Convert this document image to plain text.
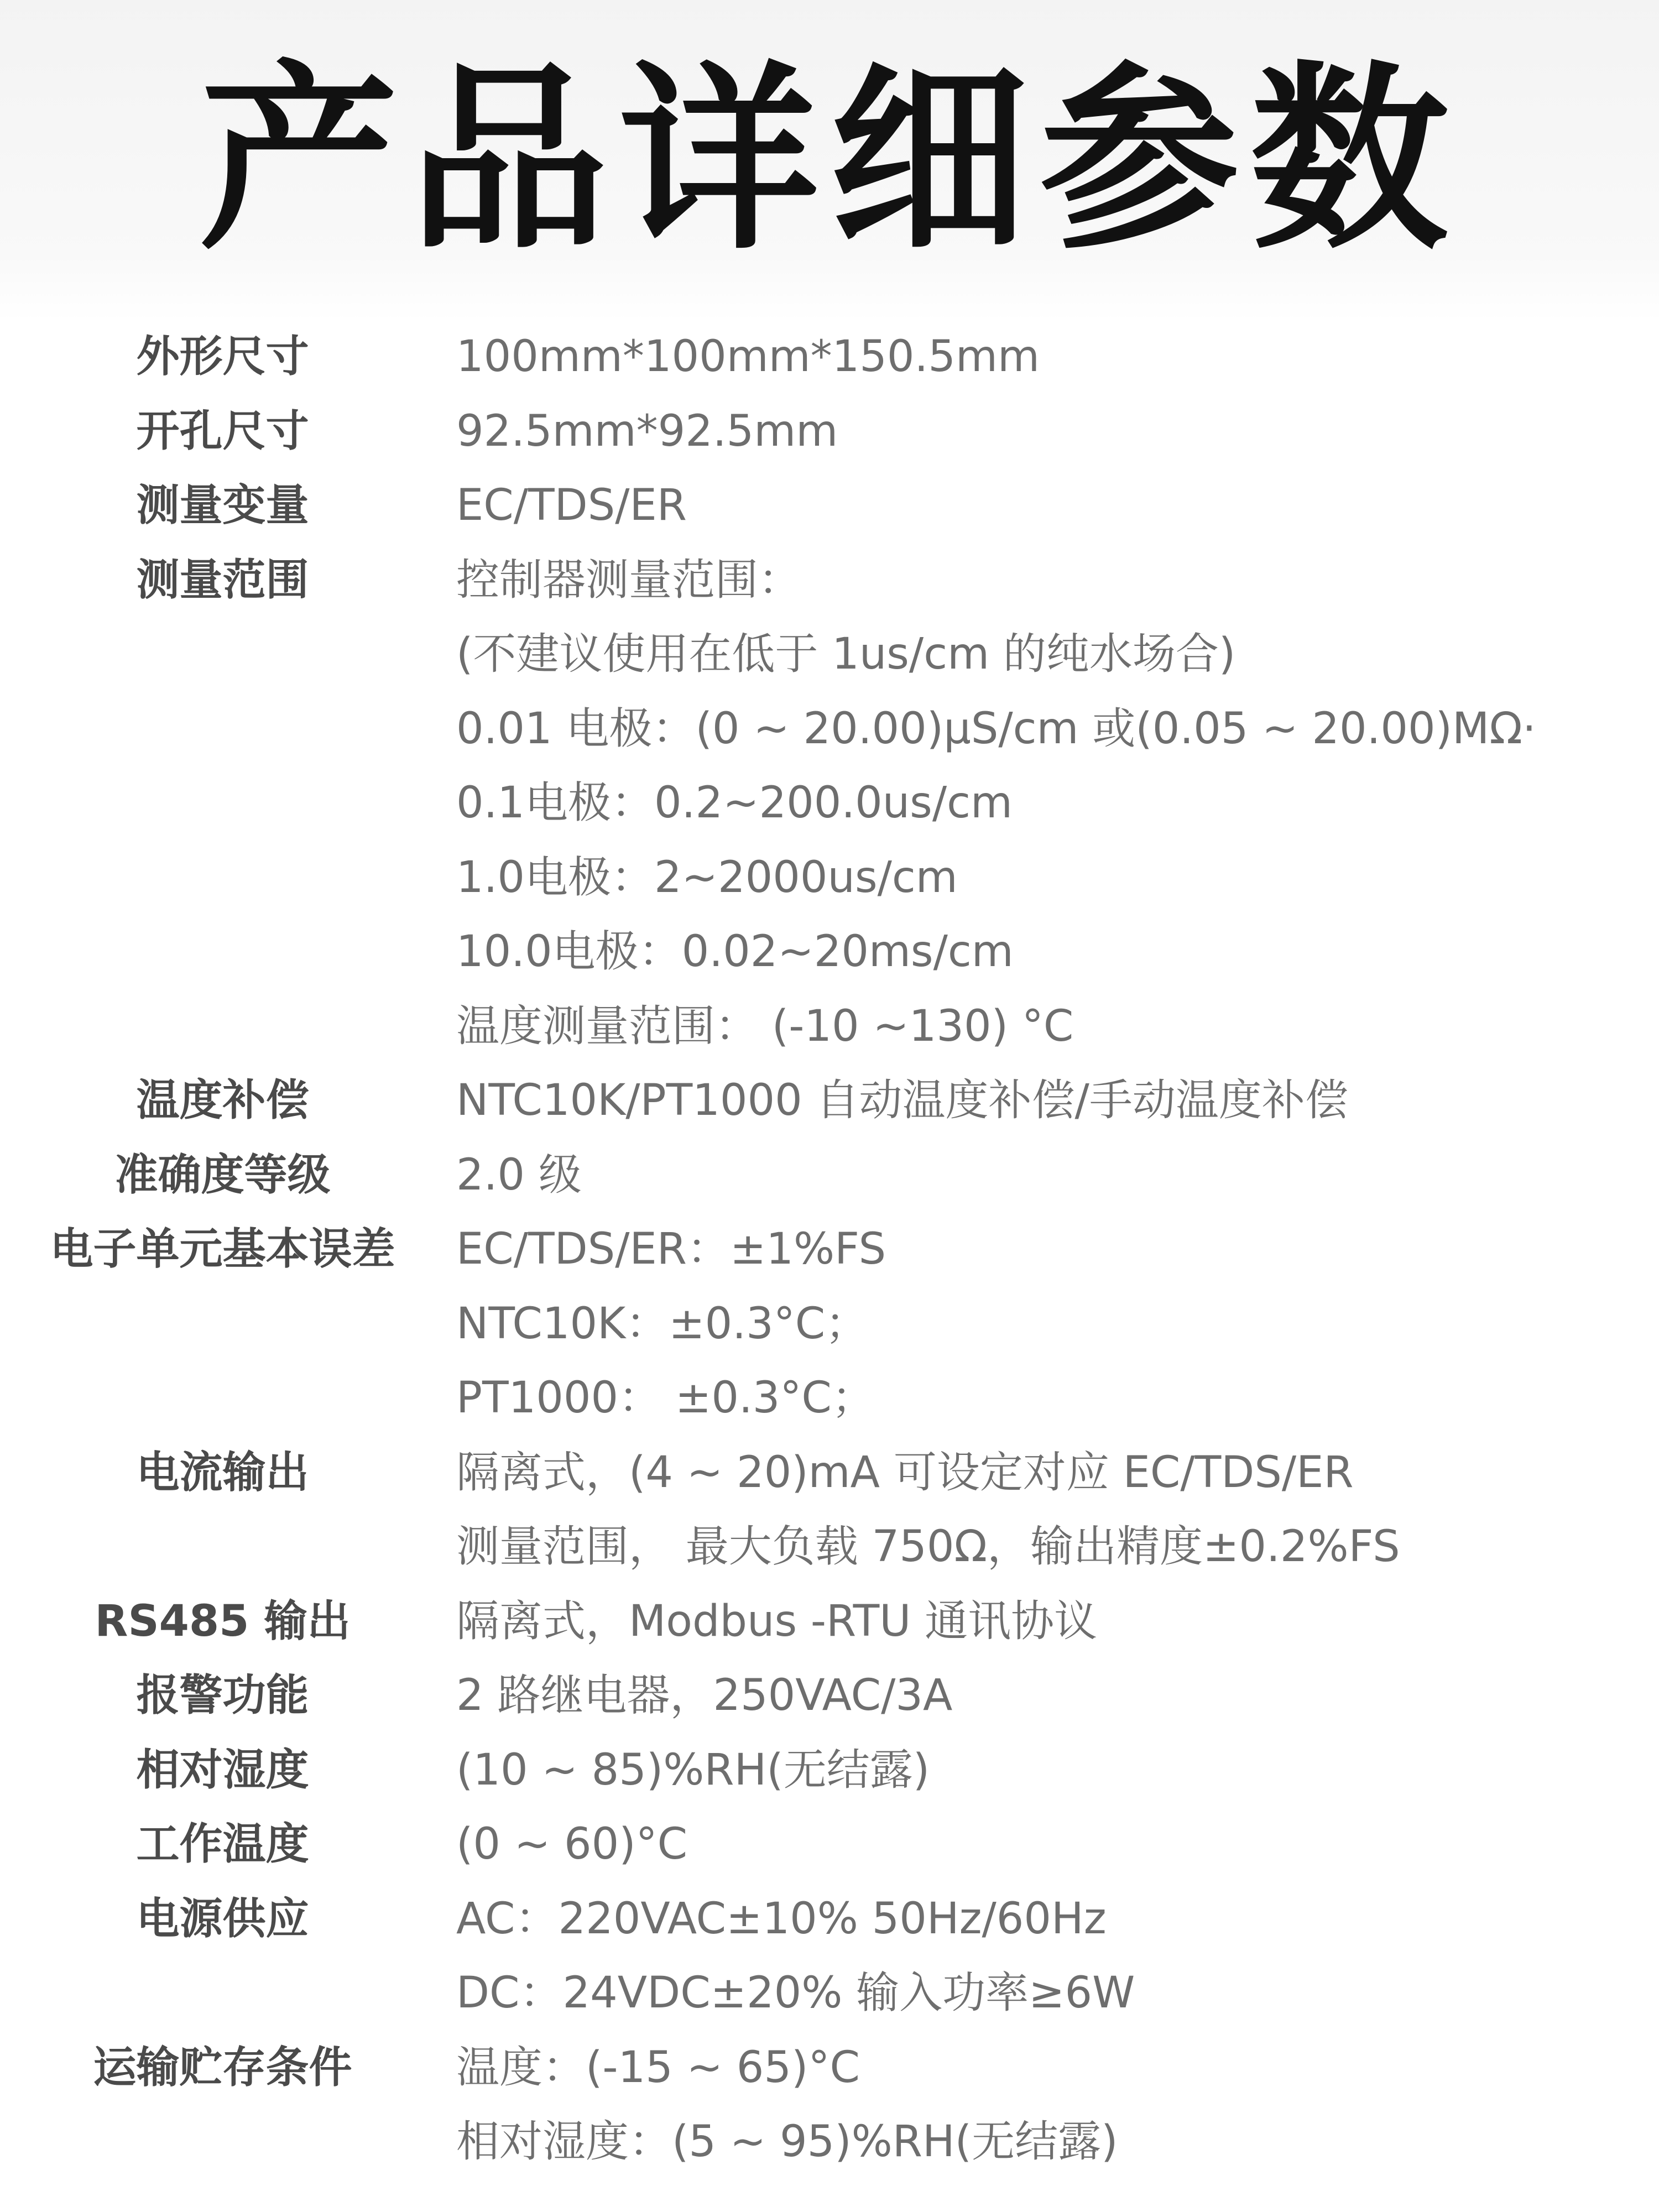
产品详细参数
外形尺寸	100mm*100mm*150.5mm
开孔尺寸	92.5mm*92.5mm
测量变量	EC/TDS/ER
测量范围	控制器测量范围：
(不建议使用在低于 1us/cm 的纯水场合)
0.01 电极：(0 ~ 20.00)μS/cm 或(0.05 ~ 20.00)MΩ·
0.1电极：0.2~200.0us/cm
1.0电极：2~2000us/cm
10.0电极：0.02~20ms/cm
温度测量范围： (-10 ~130) °C
温度补偿	NTC10K/PT1000 自动温度补偿/手动温度补偿
准确度等级	2.0 级
电子单元基本误差	EC/TDS/ER：±1%FS
NTC10K：±0.3°C；
PT1000： ±0.3°C；
电流输出	隔离式，(4 ~ 20)mA 可设定对应 EC/TDS/ER
测量范围， 最大负载 750Ω，输出精度±0.2%FS
RS485 输出	隔离式，Modbus -RTU 通讯协议
报警功能	2 路继电器，250VAC/3A
相对湿度	(10 ~ 85)%RH(无结露)
工作温度	(0 ~ 60)°C
电源供应	AC：220VAC±10% 50Hz/60Hz
DC：24VDC±20% 输入功率≥6W
运输贮存条件	温度：(-15 ~ 65)°C
相对湿度：(5 ~ 95)%RH(无结露)
